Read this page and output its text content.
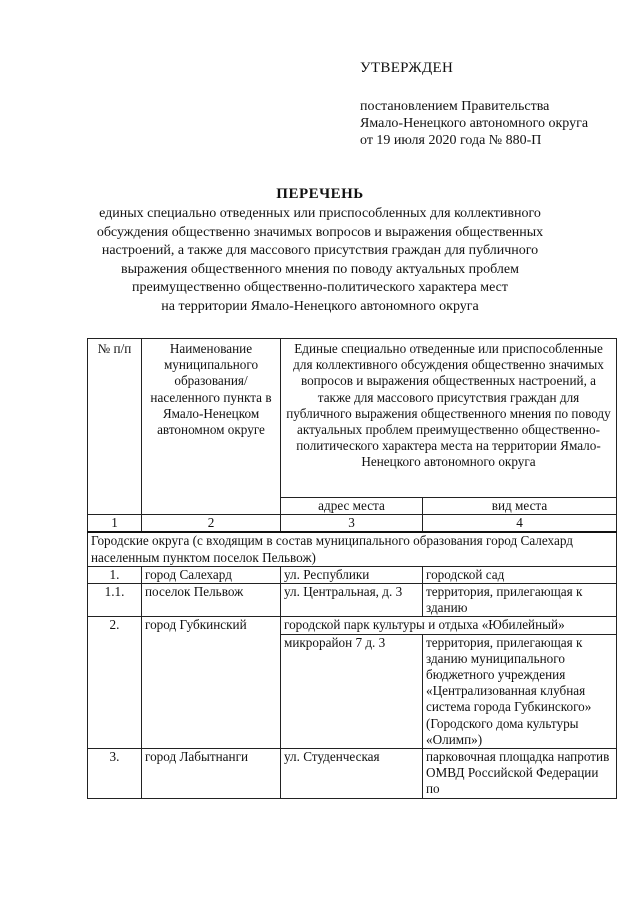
УТВЕРЖДЕН
постановлением Правительства
Ямало-Ненецкого автономного округа
от 19 июля 2020 года № 880-П
ПЕРЕЧЕНЬ
единых специально отведенных или приспособленных для коллективного
обсуждения общественно значимых вопросов и выражения общественных
настроений, а также для массового присутствия граждан для публичного
выражения общественного мнения по поводу актуальных проблем
преимущественно общественно-политического характера мест
на территории Ямало-Ненецкого автономного округа
№ п/п	Наименование муниципального образования/ населенного пункта в Ямало-Ненецком автономном округе	Единые специально отведенные или приспособленные для коллективного обсуждения общественно значимых вопросов и выражения общественных настроений, а также для массового присутствия граждан для публичного выражения общественного мнения по поводу актуальных проблем преимущественно общественно-политического характера места на территории Ямало-Ненецкого автономного округа	
		адрес места	вид места
1	2	3	4
Городские округа (с входящим в состав муниципального образования город Салехард населенным пунктом поселок Пельвож)			
1.	город Салехард	ул. Республики	городской сад
1.1.	поселок Пельвож	ул. Центральная, д. 3	территория, прилегающая к зданию
2.	город Губкинский	городской парк культуры и отдыха «Юбилейный»	
		микрорайон 7 д. 3	территория, прилегающая к зданию муниципального бюджетного учреждения «Централизованная клубная система города Губкинского» (Городского дома культуры «Олимп»)
3.	город Лабытнанги	ул. Студенческая	парковочная площадка напротив ОМВД Российской Федерации по
